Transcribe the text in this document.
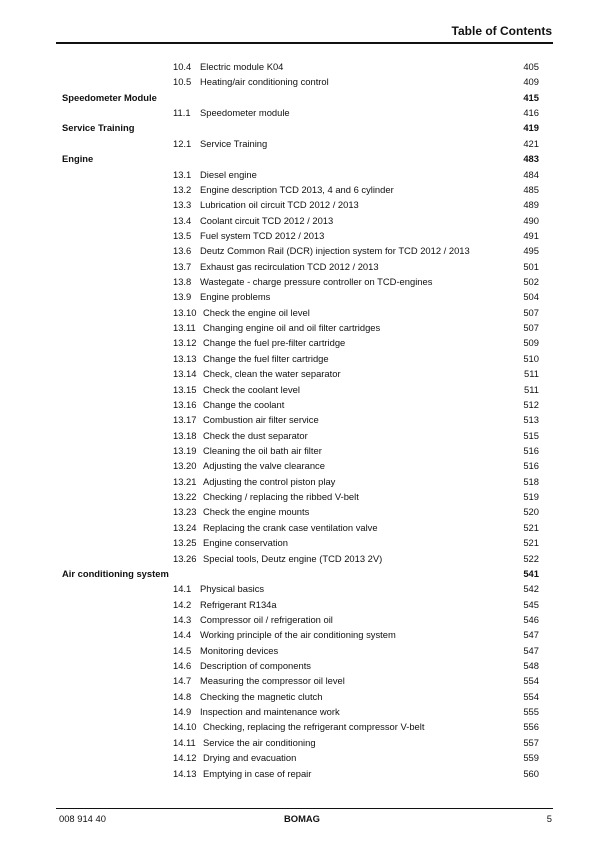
Table of Contents
10.4 Electric module K04	405
10.5 Heating/air conditioning control	409
Speedometer Module	415
11.1 Speedometer module	416
Service Training	419
12.1 Service Training	421
Engine	483
13.1 Diesel engine	484
13.2 Engine description TCD 2013, 4 and 6 cylinder	485
13.3 Lubrication oil circuit TCD 2012 / 2013	489
13.4 Coolant circuit TCD 2012 / 2013	490
13.5 Fuel system TCD 2012 / 2013	491
13.6 Deutz Common Rail (DCR) injection system for TCD 2012 / 2013	495
13.7 Exhaust gas recirculation TCD 2012 / 2013	501
13.8 Wastegate - charge pressure controller on TCD-engines	502
13.9 Engine problems	504
13.10 Check the engine oil level	507
13.11 Changing engine oil and oil filter cartridges	507
13.12 Change the fuel pre-filter cartridge	509
13.13 Change the fuel filter cartridge	510
13.14 Check, clean the water separator	511
13.15 Check the coolant level	511
13.16 Change the coolant	512
13.17 Combustion air filter service	513
13.18 Check the dust separator	515
13.19 Cleaning the oil bath air filter	516
13.20 Adjusting the valve clearance	516
13.21 Adjusting the control piston play	518
13.22 Checking / replacing the ribbed V-belt	519
13.23 Check the engine mounts	520
13.24 Replacing the crank case ventilation valve	521
13.25 Engine conservation	521
13.26 Special tools, Deutz engine (TCD 2013 2V)	522
Air conditioning system	541
14.1 Physical basics	542
14.2 Refrigerant R134a	545
14.3 Compressor oil / refrigeration oil	546
14.4 Working principle of the air conditioning system	547
14.5 Monitoring devices	547
14.6 Description of components	548
14.7 Measuring the compressor oil level	554
14.8 Checking the magnetic clutch	554
14.9 Inspection and maintenance work	555
14.10 Checking, replacing the refrigerant compressor V-belt	556
14.11 Service the air conditioning	557
14.12 Drying and evacuation	559
14.13 Emptying in case of repair	560
008 914 40	BOMAG	5
